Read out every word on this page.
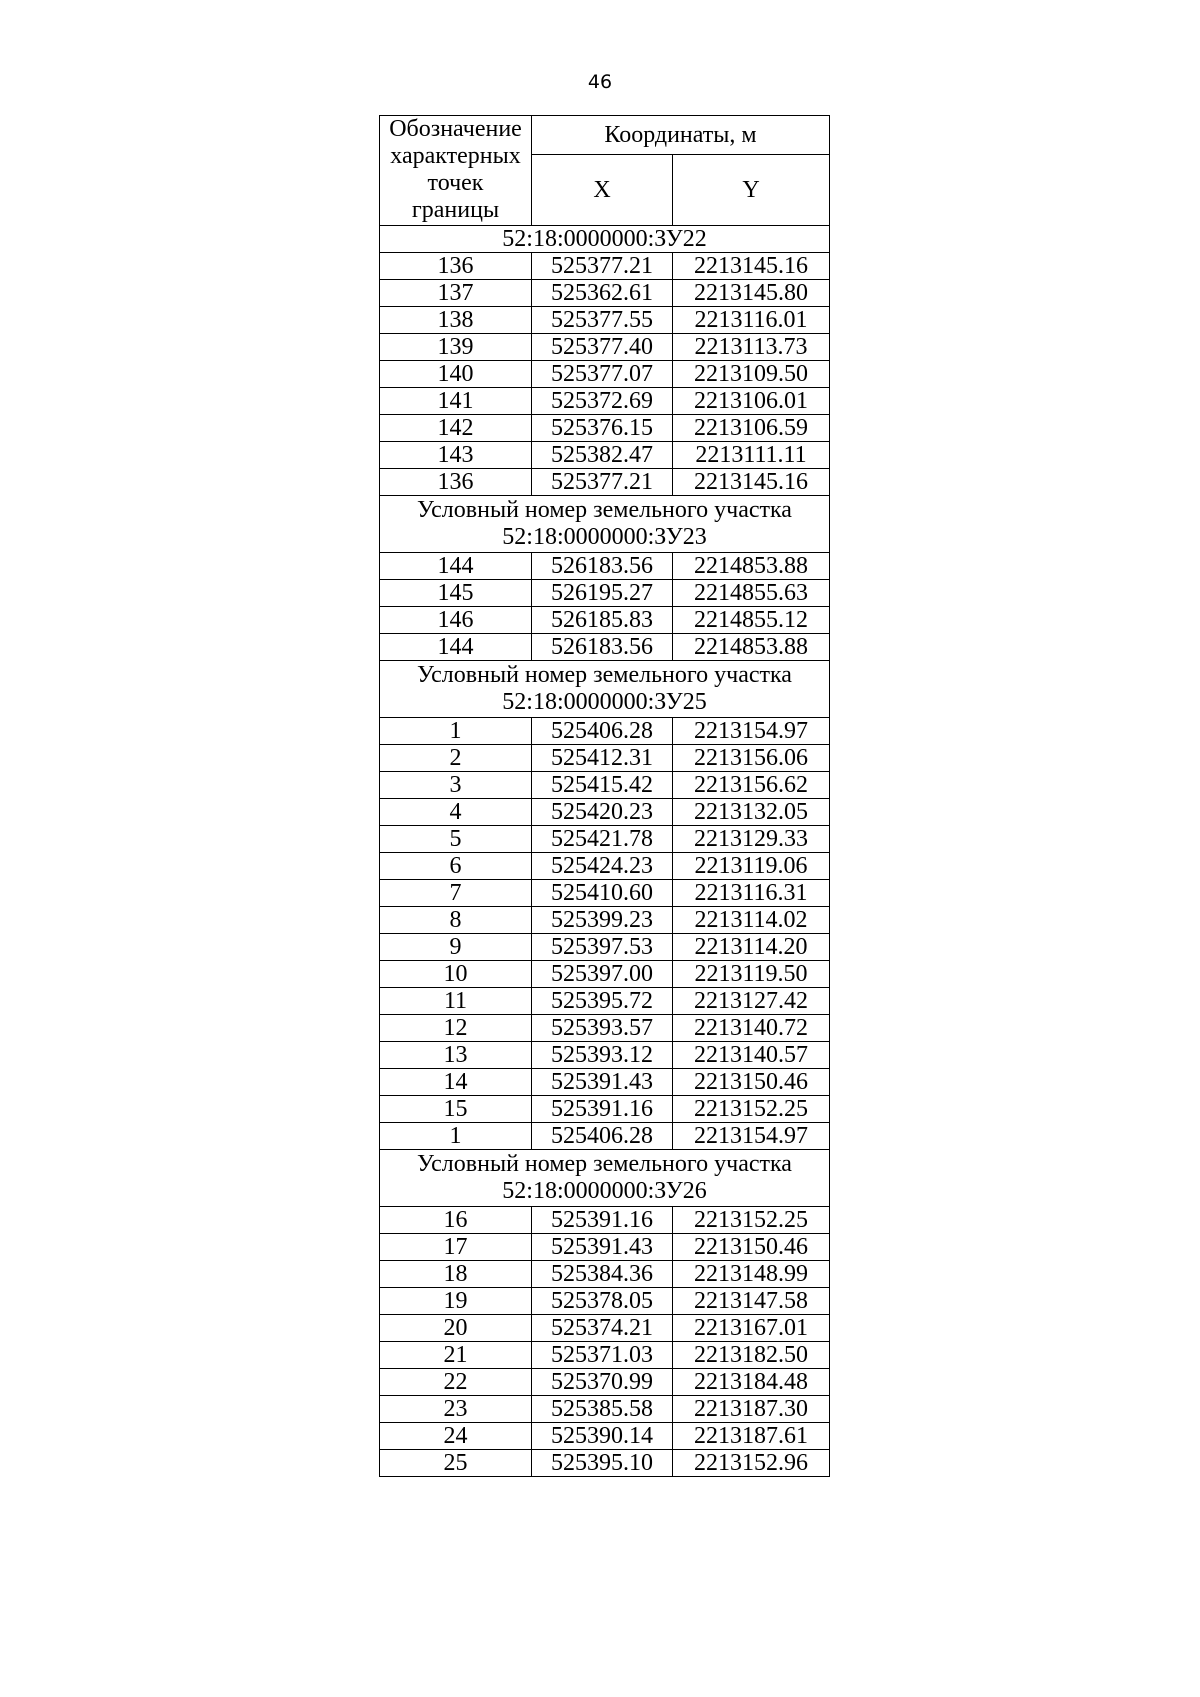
46
Обозначение характерных точек границы	Координаты, м	
	X	Y

52:18:0000000:ЗУ22		

136	525377.21	2213145.16
137	525362.61	2213145.80
138	525377.55	2213116.01
139	525377.40	2213113.73
140	525377.07	2213109.50
141	525372.69	2213106.01
142	525376.15	2213106.59
143	525382.47	2213111.11
136	525377.21	2213145.16

Условный номер земельного участка
52:18:0000000:ЗУ23		

144	526183.56	2214853.88
145	526195.27	2214855.63
146	526185.83	2214855.12
144	526183.56	2214853.88

Условный номер земельного участка
52:18:0000000:ЗУ25		

1	525406.28	2213154.97
2	525412.31	2213156.06
3	525415.42	2213156.62
4	525420.23	2213132.05
5	525421.78	2213129.33
6	525424.23	2213119.06
7	525410.60	2213116.31
8	525399.23	2213114.02
9	525397.53	2213114.20
10	525397.00	2213119.50
11	525395.72	2213127.42
12	525393.57	2213140.72
13	525393.12	2213140.57
14	525391.43	2213150.46
15	525391.16	2213152.25
1	525406.28	2213154.97

Условный номер земельного участка
52:18:0000000:ЗУ26		

16	525391.16	2213152.25
17	525391.43	2213150.46
18	525384.36	2213148.99
19	525378.05	2213147.58
20	525374.21	2213167.01
21	525371.03	2213182.50
22	525370.99	2213184.48
23	525385.58	2213187.30
24	525390.14	2213187.61
25	525395.10	2213152.96
